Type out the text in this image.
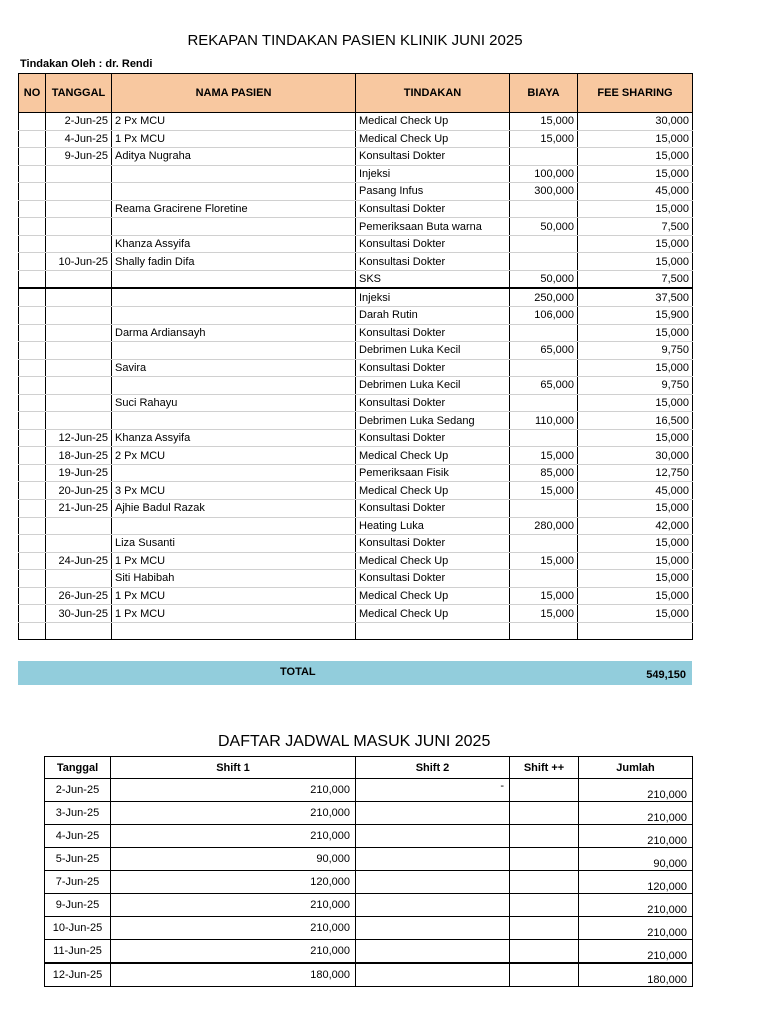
REKAPAN TINDAKAN PASIEN KLINIK JUNI 2025
Tindakan Oleh : dr. Rendi
NO	TANGGAL	NAMA PASIEN	TINDAKAN	BIAYA	FEE SHARING
	2-Jun-25	2 Px MCU	Medical Check Up	15,000	30,000
	4-Jun-25	1 Px MCU	Medical Check Up	15,000	15,000
	9-Jun-25	Aditya Nugraha	Konsultasi Dokter		15,000
			Injeksi	100,000	15,000
			Pasang Infus	300,000	45,000
		Reama Gracirene Floretine	Konsultasi Dokter		15,000
			Pemeriksaan Buta warna	50,000	7,500
		Khanza Assyifa	Konsultasi Dokter		15,000
	10-Jun-25	Shally fadin Difa	Konsultasi Dokter		15,000
			SKS	50,000	7,500
			Injeksi	250,000	37,500
			Darah Rutin	106,000	15,900
		Darma Ardiansayh	Konsultasi Dokter		15,000
			Debrimen Luka Kecil	65,000	9,750
		Savira	Konsultasi Dokter		15,000
			Debrimen Luka Kecil	65,000	9,750
		Suci Rahayu	Konsultasi Dokter		15,000
			Debrimen Luka Sedang	110,000	16,500
	12-Jun-25	Khanza Assyifa	Konsultasi Dokter		15,000
	18-Jun-25	2 Px MCU	Medical Check Up	15,000	30,000
	19-Jun-25		Pemeriksaan Fisik	85,000	12,750
	20-Jun-25	3 Px MCU	Medical Check Up	15,000	45,000
	21-Jun-25	Ajhie Badul Razak	Konsultasi Dokter		15,000
			Heating Luka	280,000	42,000
		Liza Susanti	Konsultasi Dokter		15,000
	24-Jun-25	1 Px MCU	Medical Check Up	15,000	15,000
		Siti Habibah	Konsultasi Dokter		15,000
	26-Jun-25	1 Px MCU	Medical Check Up	15,000	15,000
	30-Jun-25	1 Px MCU	Medical Check Up	15,000	15,000

TOTAL	549,150
DAFTAR JADWAL MASUK JUNI 2025
Tanggal	Shift 1	Shift 2	Shift ++	Jumlah
2-Jun-25	210,000	-		210,000
3-Jun-25	210,000			210,000
4-Jun-25	210,000			210,000
5-Jun-25	90,000			90,000
7-Jun-25	120,000			120,000
9-Jun-25	210,000			210,000
10-Jun-25	210,000			210,000
11-Jun-25	210,000			210,000
12-Jun-25	180,000			180,000
